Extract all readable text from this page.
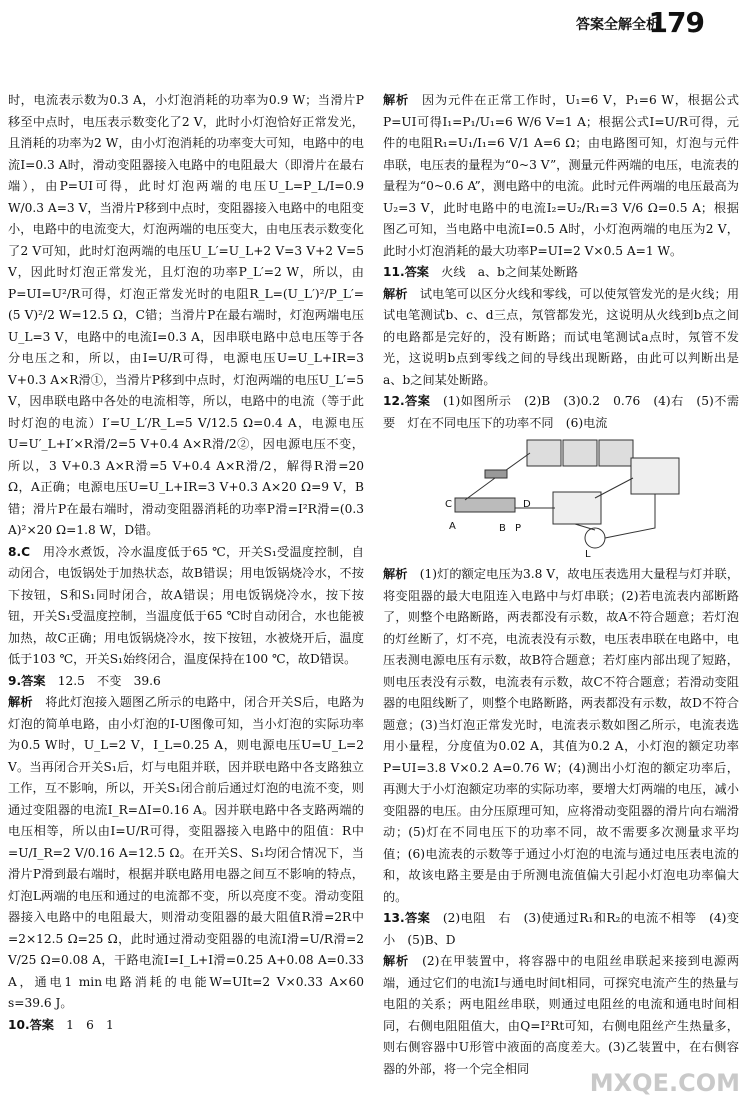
答案全解全析
179

时，电流表示数为0.3 A，小灯泡消耗的功率为0.9 W；当滑片P移至中点时，电压表示数变化了2 V，此时小灯泡恰好正常发光，且消耗的功率为2 W，由小灯泡消耗的功率变大可知，电路中的电流I=0.3 A时，滑动变阻器接入电路中的电阻最大（即滑片在最右端），由P=UI可得，此时灯泡两端的电压U_L=P_L/I=0.9 W/0.3 A=3 V，当滑片P移到中点时，变阻器接入电路中的电阻变小，电路中的电流变大，灯泡两端的电压变大，由电压表示数变化了2 V可知，此时灯泡两端的电压U_L′=U_L+2 V=3 V+2 V=5 V，因此时灯泡正常发光，且灯泡的功率P_L′=2 W，所以，由P=UI=U²/R可得，灯泡正常发光时的电阻R_L=(U_L′)²/P_L′=(5 V)²/2 W=12.5 Ω，C错；当滑片P在最右端时，灯泡两端电压U_L=3 V，电路中的电流I=0.3 A，因串联电路中总电压等于各分电压之和，所以，由I=U/R可得，电源电压U=U_L+IR=3 V+0.3 A×R滑①，当滑片P移到中点时，灯泡两端的电压U_L′=5 V，因串联电路中各处的电流相等，所以，电路中的电流（等于此时灯泡的电流）I′=U_L′/R_L=5 V/12.5 Ω=0.4 A，电源电压U=U′_L+I′×R滑/2=5 V+0.4 A×R滑/2②，因电源电压不变，所以，3 V+0.3 A×R滑=5 V+0.4 A×R滑/2，解得R滑=20 Ω，A正确；电源电压U=U_L+IR=3 V+0.3 A×20 Ω=9 V，B错；滑片P在最右端时，滑动变阻器消耗的功率P滑=I²R滑=(0.3 A)²×20 Ω=1.8 W，D错。

8.C　 用冷水煮饭，冷水温度低于65 ℃，开关S₁受温度控制，自动闭合，电饭锅处于加热状态，故B错误；用电饭锅烧冷水，不按下按钮，S和S₁同时闭合，故A错误；用电饭锅烧冷水，按下按钮，开关S₁受温度控制，当温度低于65 ℃时自动闭合，水也能被加热，故C正确；用电饭锅烧冷水，按下按钮，水被烧开后，温度低于103 ℃，开关S₁始终闭合，温度保持在100 ℃，故D错误。

9.答案　 12.5　不变　39.6

解析　 将此灯泡接入题图乙所示的电路中，闭合开关S后，电路为灯泡的简单电路，由小灯泡的I-U图像可知，当小灯泡的实际功率为0.5 W时，U_L=2 V，I_L=0.25 A，则电源电压U=U_L=2 V。当再闭合开关S₁后，灯与电阻并联，因并联电路中各支路独立工作，互不影响，所以，开关S₁闭合前后通过灯泡的电流不变，则通过变阻器的电流I_R=ΔI=0.16 A。因并联电路中各支路两端的电压相等，所以由I=U/R可得，变阻器接入电路中的阻值：R中=U/I_R=2 V/0.16 A=12.5 Ω。在开关S、S₁均闭合情况下，当滑片P滑到最右端时，根据并联电路用电器之间互不影响的特点，灯泡L两端的电压和通过的电流都不变，所以亮度不变。滑动变阻器接入电路中的电阻最大，则滑动变阻器的最大阻值R滑=2R中=2×12.5 Ω=25 Ω，此时通过滑动变阻器的电流I滑=U/R滑=2 V/25 Ω=0.08 A，干路电流I=I_L+I滑=0.25 A+0.08 A=0.33 A，通电1 min电路消耗的电能W=UIt=2 V×0.33 A×60 s=39.6 J。

10.答案　 1　6　1

解析　 因为元件在正常工作时，U₁=6 V，P₁=6 W，根据公式P=UI可得I₁=P₁/U₁=6 W/6 V=1 A；根据公式I=U/R可得，元件的电阻R₁=U₁/I₁=6 V/1 A=6 Ω；由电路图可知，灯泡与元件串联，电压表的量程为“0~3 V”，测量元件两端的电压，电流表的量程为“0~0.6 A”，测电路中的电流。此时元件两端的电压最高为U₂=3 V，此时电路中的电流I₂=U₂/R₁=3 V/6 Ω=0.5 A；根据图乙可知，当电路中电流I=0.5 A时，小灯泡两端的电压为2 V，此时小灯泡消耗的最大功率P=UI=2 V×0.5 A=1 W。

11.答案　 火线　a、b之间某处断路

解析　 试电笔可以区分火线和零线，可以使氖管发光的是火线；用试电笔测试b、c、d三点，氖管都发光，这说明从火线到b点之间的电路都是完好的，没有断路；而试电笔测试a点时，氖管不发光，这说明b点到零线之间的导线出现断路，由此可以判断出是a、b之间某处断路。

12.答案　 (1)如图所示　(2)B　(3)0.2　0.76　(4)右　(5)不需要　灯在不同电压下的功率不同　(6)电流

C	D
A	B P
L

解析　 (1)灯的额定电压为3.8 V，故电压表选用大量程与灯并联，将变阻器的最大电阻连入电路中与灯串联；(2)若电流表内部断路了，则整个电路断路，两表都没有示数，故A不符合题意；若灯泡的灯丝断了，灯不亮，电流表没有示数，电压表串联在电路中，电压表测电源电压有示数，故B符合题意；若灯座内部出现了短路，则电压表没有示数，电流表有示数，故C不符合题意；若滑动变阻器的电阻线断了，则整个电路断路，两表都没有示数，故D不符合题意；(3)当灯泡正常发光时，电流表示数如图乙所示，电流表选用小量程，分度值为0.02 A，其值为0.2 A，小灯泡的额定功率P=UI=3.8 V×0.2 A=0.76 W；(4)测出小灯泡的额定功率后，再测大于小灯泡额定功率的实际功率，要增大灯两端的电压，减小变阻器的电压。由分压原理可知，应将滑动变阻器的滑片向右端滑动；(5)灯在不同电压下的功率不同，故不需要多次测量求平均值；(6)电流表的示数等于通过小灯泡的电流与通过电压表电流的和，故该电路主要是由于所测电流值偏大引起小灯泡电功率偏大的。

13.答案　 (2)电阻　右　(3)使通过R₁和R₂的电流不相等　(4)变小　(5)B、D

解析　 (2)在甲装置中，将容器中的电阻丝串联起来接到电源两端，通过它们的电流I与通电时间t相同，可探究电流产生的热量与电阻的关系；两电阻丝串联，则通过电阻丝的电流和通电时间相同，右侧电阻阻值大，由Q=I²Rt可知，右侧电阻丝产生热量多，则右侧容器中U形管中液面的高度差大。(3)乙装置中，在右侧容器的外部，将一个完全相同

MXQE.COM
